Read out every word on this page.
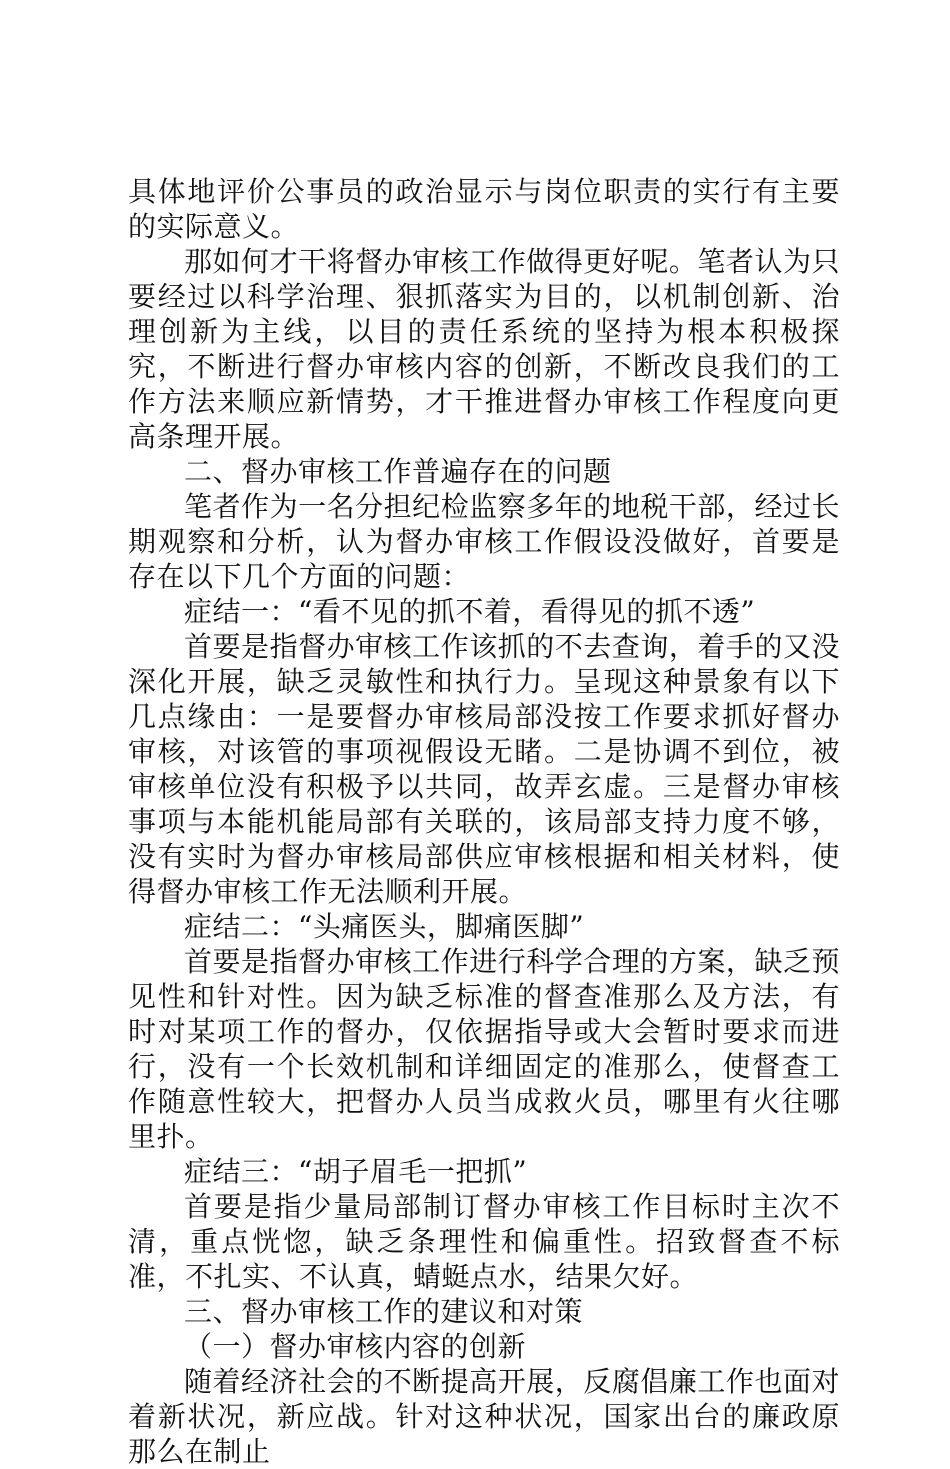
具体地评价公事员的政治显示与岗位职责的实行有主要的实际意义。

那如何才干将督办审核工作做得更好呢。笔者认为只要经过以科学治理、狠抓落实为目的，以机制创新、治理创新为主线，以目的责任系统的坚持为根本积极探究，不断进行督办审核内容的创新，不断改良我们的工作方法来顺应新情势，才干推进督办审核工作程度向更高条理开展。

二、督办审核工作普遍存在的问题

笔者作为一名分担纪检监察多年的地税干部，经过长期观察和分析，认为督办审核工作假设没做好，首要是存在以下几个方面的问题：

症结一：“看不见的抓不着，看得见的抓不透”

首要是指督办审核工作该抓的不去查询，着手的又没深化开展，缺乏灵敏性和执行力。呈现这种景象有以下几点缘由：一是要督办审核局部没按工作要求抓好督办审核，对该管的事项视假设无睹。二是协调不到位，被审核单位没有积极予以共同，故弄玄虚。三是督办审核事项与本能机能局部有关联的，该局部支持力度不够，没有实时为督办审核局部供应审核根据和相关材料，使得督办审核工作无法顺利开展。

症结二：“头痛医头，脚痛医脚”

首要是指督办审核工作进行科学合理的方案，缺乏预见性和针对性。因为缺乏标准的督查准那么及方法，有时对某项工作的督办，仅依据指导或大会暂时要求而进行，没有一个长效机制和详细固定的准那么，使督查工作随意性较大，把督办人员当成救火员，哪里有火往哪里扑。

症结三：“胡子眉毛一把抓”

首要是指少量局部制订督办审核工作目标时主次不清，重点恍惚，缺乏条理性和偏重性。招致督查不标准，不扎实、不认真，蜻蜓点水，结果欠好。

三、督办审核工作的建议和对策

（一）督办审核内容的创新

随着经济社会的不断提高开展，反腐倡廉工作也面对着新状况，新应战。针对这种状况，国家出台的廉政原那么在制止
